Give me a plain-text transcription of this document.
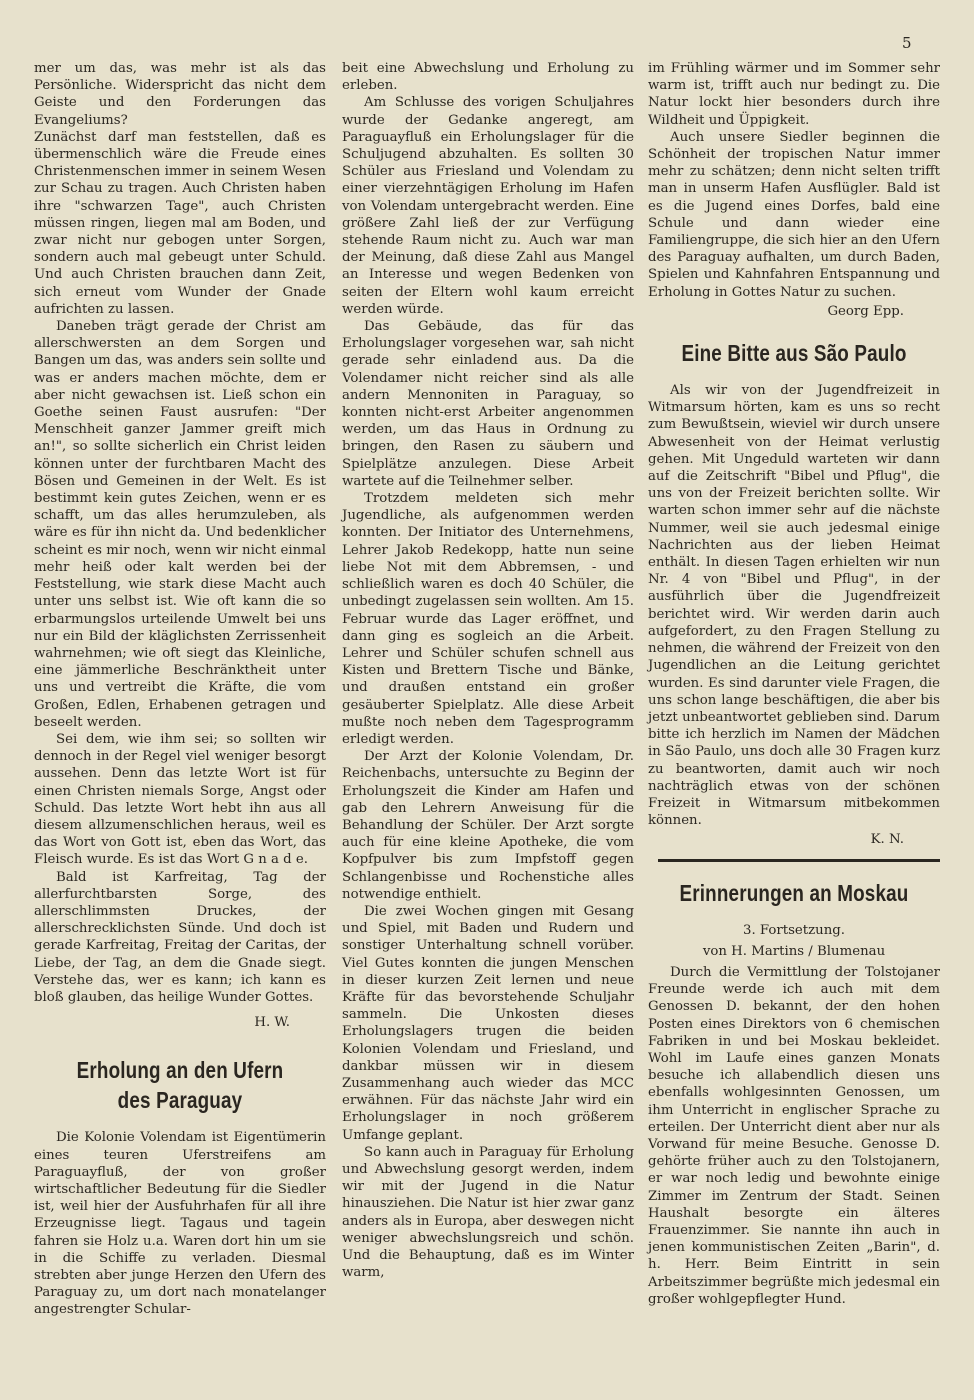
5

mer um das, was mehr ist als das Persönliche. Widerspricht das nicht dem Geiste und den Forderungen das Evangeliums?

Zunächst darf man feststellen, daß es übermenschlich wäre die Freude eines Christenmenschen immer in seinem Wesen zur Schau zu tragen. Auch Christen haben ihre "schwarzen Tage", auch Christen müssen ringen, liegen mal am Boden, und zwar nicht nur gebogen unter Sorgen, sondern auch mal gebeugt unter Schuld. Und auch Christen brauchen dann Zeit, sich erneut vom Wunder der Gnade aufrichten zu lassen.

Daneben trägt gerade der Christ am allerschwersten an dem Sorgen und Bangen um das, was anders sein sollte und was er anders machen möchte, dem er aber nicht gewachsen ist. Ließ schon ein Goethe seinen Faust ausrufen: "Der Menschheit ganzer Jammer greift mich an!", so sollte sicherlich ein Christ leiden können unter der furchtbaren Macht des Bösen und Gemeinen in der Welt. Es ist bestimmt kein gutes Zeichen, wenn er es schafft, um das alles herumzuleben, als wäre es für ihn nicht da. Und bedenklicher scheint es mir noch, wenn wir nicht einmal mehr heiß oder kalt werden bei der Feststellung, wie stark diese Macht auch unter uns selbst ist. Wie oft kann die so erbarmungslos urteilende Umwelt bei uns nur ein Bild der kläglichsten Zerrissenheit wahrnehmen; wie oft siegt das Kleinliche, eine jämmerliche Beschränktheit unter uns und vertreibt die Kräfte, die vom Großen, Edlen, Erhabenen getragen und beseelt werden.

Sei dem, wie ihm sei; so sollten wir dennoch in der Regel viel weniger besorgt aussehen. Denn das letzte Wort ist für einen Christen niemals Sorge, Angst oder Schuld. Das letzte Wort hebt ihn aus all diesem allzumenschlichen heraus, weil es das Wort von Gott ist, eben das Wort, das Fleisch wurde. Es ist das Wort G n a d e.

Bald ist Karfreitag, Tag der allerfurchtbarsten Sorge, des allerschlimmsten Druckes, der allerschrecklichsten Sünde. Und doch ist gerade Karfreitag, Freitag der Caritas, der Liebe, der Tag, an dem die Gnade siegt. Verstehe das, wer es kann; ich kann es bloß glauben, das heilige Wunder Gottes.

H. W.
Erholung an den Ufern des Paraguay

Die Kolonie Volendam ist Eigentümerin eines teuren Uferstreifens am Paraguayfluß, der von großer wirtschaftlicher Bedeutung für die Siedler ist, weil hier der Ausfuhrhafen für all ihre Erzeugnisse liegt. Tagaus und tagein fahren sie Holz u.a. Waren dort hin um sie in die Schiffe zu verladen. Diesmal strebten aber junge Herzen den Ufern des Paraguay zu, um dort nach monatelanger angestrengter Schular-

beit eine Abwechslung und Erholung zu erleben.

Am Schlusse des vorigen Schuljahres wurde der Gedanke angeregt, am Paraguayfluß ein Erholungslager für die Schuljugend abzuhalten. Es sollten 30 Schüler aus Friesland und Volendam zu einer vierzehntägigen Erholung im Hafen von Volendam untergebracht werden. Eine größere Zahl ließ der zur Verfügung stehende Raum nicht zu. Auch war man der Meinung, daß diese Zahl aus Mangel an Interesse und wegen Bedenken von seiten der Eltern wohl kaum erreicht werden würde.

Das Gebäude, das für das Erholungslager vorgesehen war, sah nicht gerade sehr einladend aus. Da die Volendamer nicht reicher sind als alle andern Mennoniten in Paraguay, so konnten nicht-erst Arbeiter angenommen werden, um das Haus in Ordnung zu bringen, den Rasen zu säubern und Spielplätze anzulegen. Diese Arbeit wartete auf die Teilnehmer selber.

Trotzdem meldeten sich mehr Jugendliche, als aufgenommen werden konnten. Der Initiator des Unternehmens, Lehrer Jakob Redekopp, hatte nun seine liebe Not mit dem Abbremsen, - und schließlich waren es doch 40 Schüler, die unbedingt zugelassen sein wollten. Am 15. Februar wurde das Lager eröffnet, und dann ging es sogleich an die Arbeit. Lehrer und Schüler schufen schnell aus Kisten und Brettern Tische und Bänke, und draußen entstand ein großer gesäuberter Spielplatz. Alle diese Arbeit mußte noch neben dem Tagesprogramm erledigt werden.

Der Arzt der Kolonie Volendam, Dr. Reichenbachs, untersuchte zu Beginn der Erholungszeit die Kinder am Hafen und gab den Lehrern Anweisung für die Behandlung der Schüler. Der Arzt sorgte auch für eine kleine Apotheke, die vom Kopfpulver bis zum Impfstoff gegen Schlangenbisse und Rochenstiche alles notwendige enthielt.

Die zwei Wochen gingen mit Gesang und Spiel, mit Baden und Rudern und sonstiger Unterhaltung schnell vorüber. Viel Gutes konnten die jungen Menschen in dieser kurzen Zeit lernen und neue Kräfte für das bevorstehende Schuljahr sammeln. Die Unkosten dieses Erholungslagers trugen die beiden Kolonien Volendam und Friesland, und dankbar müssen wir in diesem Zusammenhang auch wieder das MCC erwähnen. Für das nächste Jahr wird ein Erholungslager in noch größerem Umfange geplant.

So kann auch in Paraguay für Erholung und Abwechslung gesorgt werden, indem wir mit der Jugend in die Natur hinausziehen. Die Natur ist hier zwar ganz anders als in Europa, aber deswegen nicht weniger abwechslungsreich und schön. Und die Behauptung, daß es im Winter warm,

im Frühling wärmer und im Sommer sehr warm ist, trifft auch nur bedingt zu. Die Natur lockt hier besonders durch ihre Wildheit und Üppigkeit.

Auch unsere Siedler beginnen die Schönheit der tropischen Natur immer mehr zu schätzen; denn nicht selten trifft man in unserm Hafen Ausflügler. Bald ist es die Jugend eines Dorfes, bald eine Schule und dann wieder eine Familiengruppe, die sich hier an den Ufern des Paraguay aufhalten, um durch Baden, Spielen und Kahnfahren Entspannung und Erholung in Gottes Natur zu suchen.

Georg Epp.
Eine Bitte aus São Paulo

Als wir von der Jugendfreizeit in Witmarsum hörten, kam es uns so recht zum Bewußtsein, wieviel wir durch unsere Abwesenheit von der Heimat verlustig gehen. Mit Ungeduld warteten wir dann auf die Zeitschrift "Bibel und Pflug", die uns von der Freizeit berichten sollte. Wir warten schon immer sehr auf die nächste Nummer, weil sie auch jedesmal einige Nachrichten aus der lieben Heimat enthält. In diesen Tagen erhielten wir nun Nr. 4 von "Bibel und Pflug", in der ausführlich über die Jugendfreizeit berichtet wird. Wir werden darin auch aufgefordert, zu den Fragen Stellung zu nehmen, die während der Freizeit von den Jugendlichen an die Leitung gerichtet wurden. Es sind darunter viele Fragen, die uns schon lange beschäftigen, die aber bis jetzt unbeantwortet geblieben sind. Darum bitte ich herzlich im Namen der Mädchen in São Paulo, uns doch alle 30 Fragen kurz zu beantworten, damit auch wir noch nachträglich etwas von der schönen Freizeit in Witmarsum mitbekommen können.

K. N.
Erinnerungen an Moskau
3. Fortsetzung.
von H. Martins / Blumenau

Durch die Vermittlung der Tolstojaner Freunde werde ich auch mit dem Genossen D. bekannt, der den hohen Posten eines Direktors von 6 chemischen Fabriken in und bei Moskau bekleidet. Wohl im Laufe eines ganzen Monats besuche ich allabendlich diesen uns ebenfalls wohlgesinnten Genossen, um ihm Unterricht in englischer Sprache zu erteilen. Der Unterricht dient aber nur als Vorwand für meine Besuche. Genosse D. gehörte früher auch zu den Tolstojanern, er war noch ledig und bewohnte einige Zimmer im Zentrum der Stadt. Seinen Haushalt besorgte ein älteres Frauenzimmer. Sie nannte ihn auch in jenen kommunistischen Zeiten „Barin", d. h. Herr. Beim Eintritt in sein Arbeitszimmer begrüßte mich jedesmal ein großer wohlgepflegter Hund.
